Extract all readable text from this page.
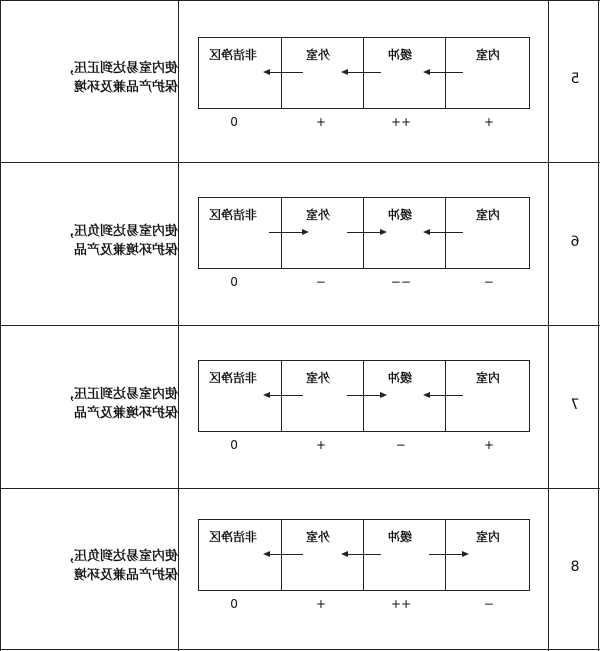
使内室易达到正压，
保护产品兼及环境
5
非洁净区	外室	缓冲	内室
0	+	++	+
使内室易达到负压，
保护环境兼及产品
6
非洁净区	外室	缓冲	内室
0	−	−−	−
使内室易达到正压，
保护环境兼及产品
7
非洁净区	外室	缓冲	内室
0	+	−	+
使内室易达到负压，
保护产品兼及环境
8
非洁净区	外室	缓冲	内室
0	+	++	−
